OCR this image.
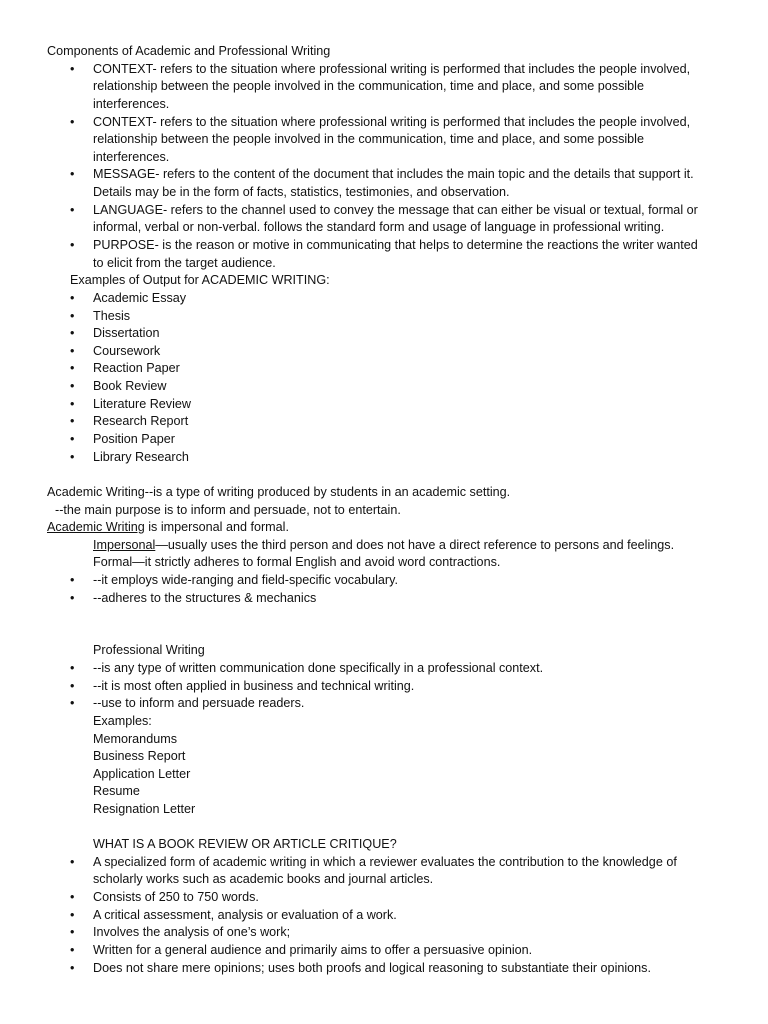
Components of Academic and Professional Writing
• CONTEXT- refers to the situation where professional writing is performed that includes the people involved,
relationship between the people involved in the communication, time and place, and some possible
interferences.
• CONTEXT- refers to the situation where professional writing is performed that includes the people involved,
relationship between the people involved in the communication, time and place, and some possible
interferences.
• MESSAGE- refers to the content of the document that includes the main topic and the details that support it.
Details may be in the form of facts, statistics, testimonies, and observation.
• LANGUAGE- refers to the channel used to convey the message that can either be visual or textual, formal or
informal, verbal or non-verbal. follows the standard form and usage of language in professional writing.
• PURPOSE- is the reason or motive in communicating that helps to determine the reactions the writer wanted
to elicit from the target audience.
Examples of Output for ACADEMIC WRITING:
• Academic Essay
• Thesis
• Dissertation
• Coursework
• Reaction Paper
• Book Review
• Literature Review
• Research Report
• Position Paper
• Library Research
Academic Writing--is a type of writing produced by students in an academic setting.
--the main purpose is to inform and persuade, not to entertain.
Academic Writing is impersonal and formal.
Impersonal—usually uses the third person and does not have a direct reference to persons and feelings.
Formal—it strictly adheres to formal English and avoid word contractions.
• --it employs wide-ranging and field-specific vocabulary.
• --adheres to the structures & mechanics
Professional Writing
• --is any type of written communication done specifically in a professional context.
• --it is most often applied in business and technical writing.
• --use to inform and persuade readers.
Examples:
Memorandums
Business Report
Application Letter
Resume
Resignation Letter
WHAT IS A BOOK REVIEW OR ARTICLE CRITIQUE?
• A specialized form of academic writing in which a reviewer evaluates the contribution to the knowledge of
scholarly works such as academic books and journal articles.
• Consists of 250 to 750 words.
• A critical assessment, analysis or evaluation of a work.
• Involves the analysis of one’s work;
• Written for a general audience and primarily aims to offer a persuasive opinion.
• Does not share mere opinions; uses both proofs and logical reasoning to substantiate their opinions.
